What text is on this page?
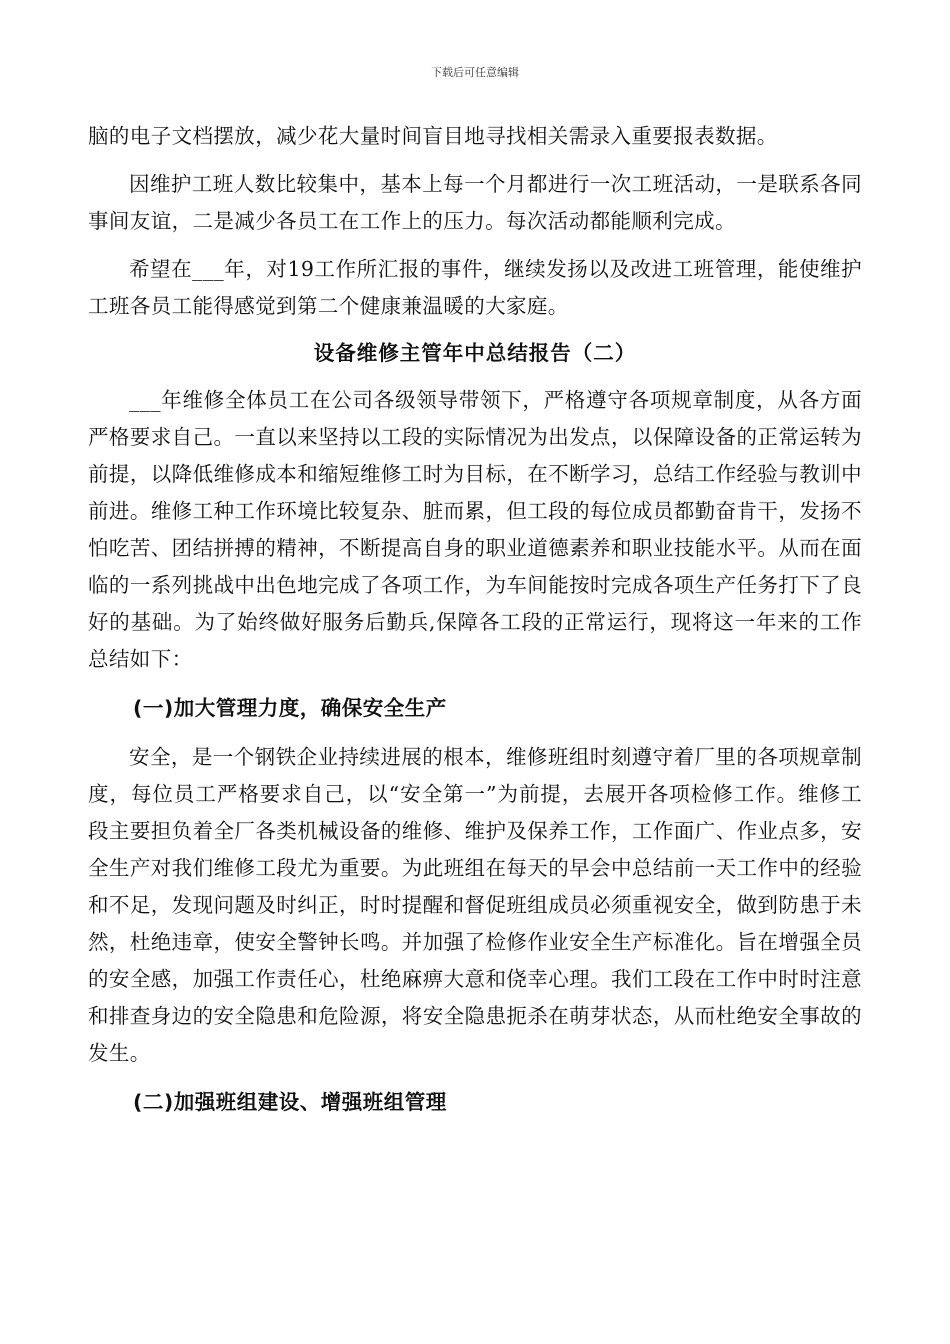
下载后可任意编辑

脑的电子文档摆放，减少花大量时间盲目地寻找相关需录入重要报表数据。

因维护工班人数比较集中，基本上每一个月都进行一次工班活动，一是联系各同事间友谊，二是减少各员工在工作上的压力。每次活动都能顺利完成。

希望在___年，对19工作所汇报的事件，继续发扬以及改进工班管理，能使维护工班各员工能得感觉到第二个健康兼温暖的大家庭。

设备维修主管年中总结报告（二）

___年维修全体员工在公司各级领导带领下，严格遵守各项规章制度，从各方面严格要求自己。一直以来坚持以工段的实际情况为出发点，以保障设备的正常运转为前提，以降低维修成本和缩短维修工时为目标，在不断学习，总结工作经验与教训中前进。维修工种工作环境比较复杂、脏而累，但工段的每位成员都勤奋肯干，发扬不怕吃苦、团结拼搏的精神，不断提高自身的职业道德素养和职业技能水平。从而在面临的一系列挑战中出色地完成了各项工作，为车间能按时完成各项生产任务打下了良好的基础。为了始终做好服务后勤兵,保障各工段的正常运行，现将这一年来的工作总结如下：

(一)加大管理力度，确保安全生产

安全，是一个钢铁企业持续进展的根本，维修班组时刻遵守着厂里的各项规章制度，每位员工严格要求自己，以“安全第一”为前提，去展开各项检修工作。维修工段主要担负着全厂各类机械设备的维修、维护及保养工作，工作面广、作业点多，安全生产对我们维修工段尤为重要。为此班组在每天的早会中总结前一天工作中的经验和不足，发现问题及时纠正，时时提醒和督促班组成员必须重视安全，做到防患于未然，杜绝违章，使安全警钟长鸣。并加强了检修作业安全生产标准化。旨在增强全员的安全感，加强工作责任心，杜绝麻痹大意和侥幸心理。我们工段在工作中时时注意和排查身边的安全隐患和危险源，将安全隐患扼杀在萌芽状态，从而杜绝安全事故的发生。

(二)加强班组建设、增强班组管理
